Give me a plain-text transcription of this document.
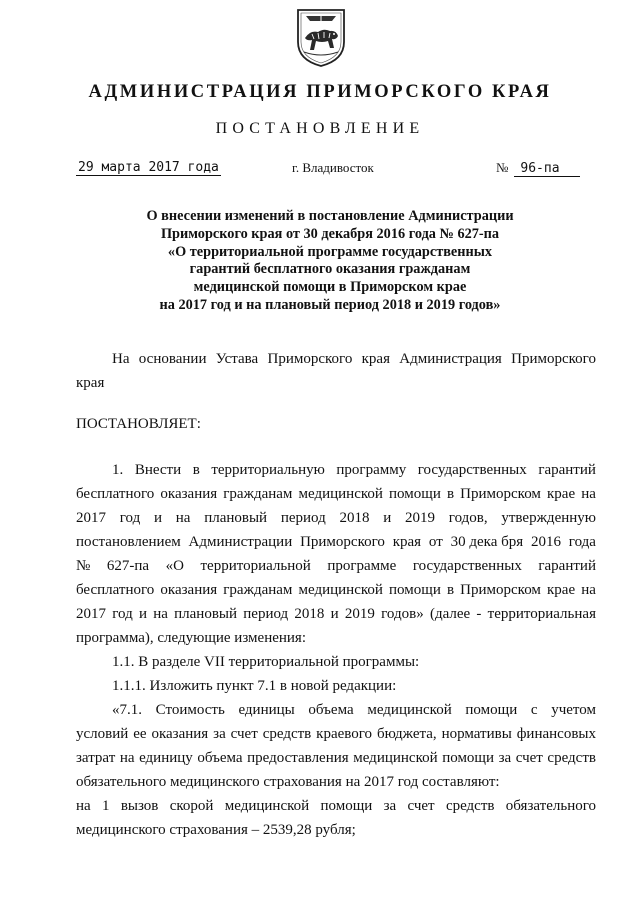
АДМИНИСТРАЦИЯ ПРИМОРСКОГО КРАЯ
ПОСТАНОВЛЕНИЕ
29 марта 2017 года	г. Владивосток	№ 96-па
О внесении изменений в постановление Администрации
Приморского края от 30 декабря 2016 года № 627-па
«О территориальной программе государственных
гарантий бесплатного оказания гражданам
медицинской помощи в Приморском крае
на 2017 год и на плановый период 2018 и 2019 годов»
На основании Устава Приморского края Администрация Приморского
края
ПОСТАНОВЛЯЕТ:
1. Внести в территориальную программу государственных гарантий
бесплатного оказания гражданам медицинской помощи в Приморском крае на
2017 год и на плановый период 2018 и 2019 годов, утвержденную
постановлением Администрации Приморского края от 30 дека бря 2016 года
№ 627-па «О территориальной программе государственных гарантий
бесплатного оказания гражданам медицинской помощи в Приморском крае на
2017 год и на плановый период 2018 и 2019 годов» (далее - территориальная
программа), следующие изменения:
1.1. В разделе VII территориальной программы:
1.1.1. Изложить пункт 7.1 в новой редакции:
«7.1. Стоимость единицы объема медицинской помощи с учетом
условий ее оказания за счет средств краевого бюджета, нормативы финансовых
затрат на единицу объема предоставления медицинской помощи за счет средств
обязательного медицинского страхования на 2017 год составляют:
на 1 вызов скорой медицинской помощи за счет средств обязательного
медицинского страхования – 2539,28 рубля;
